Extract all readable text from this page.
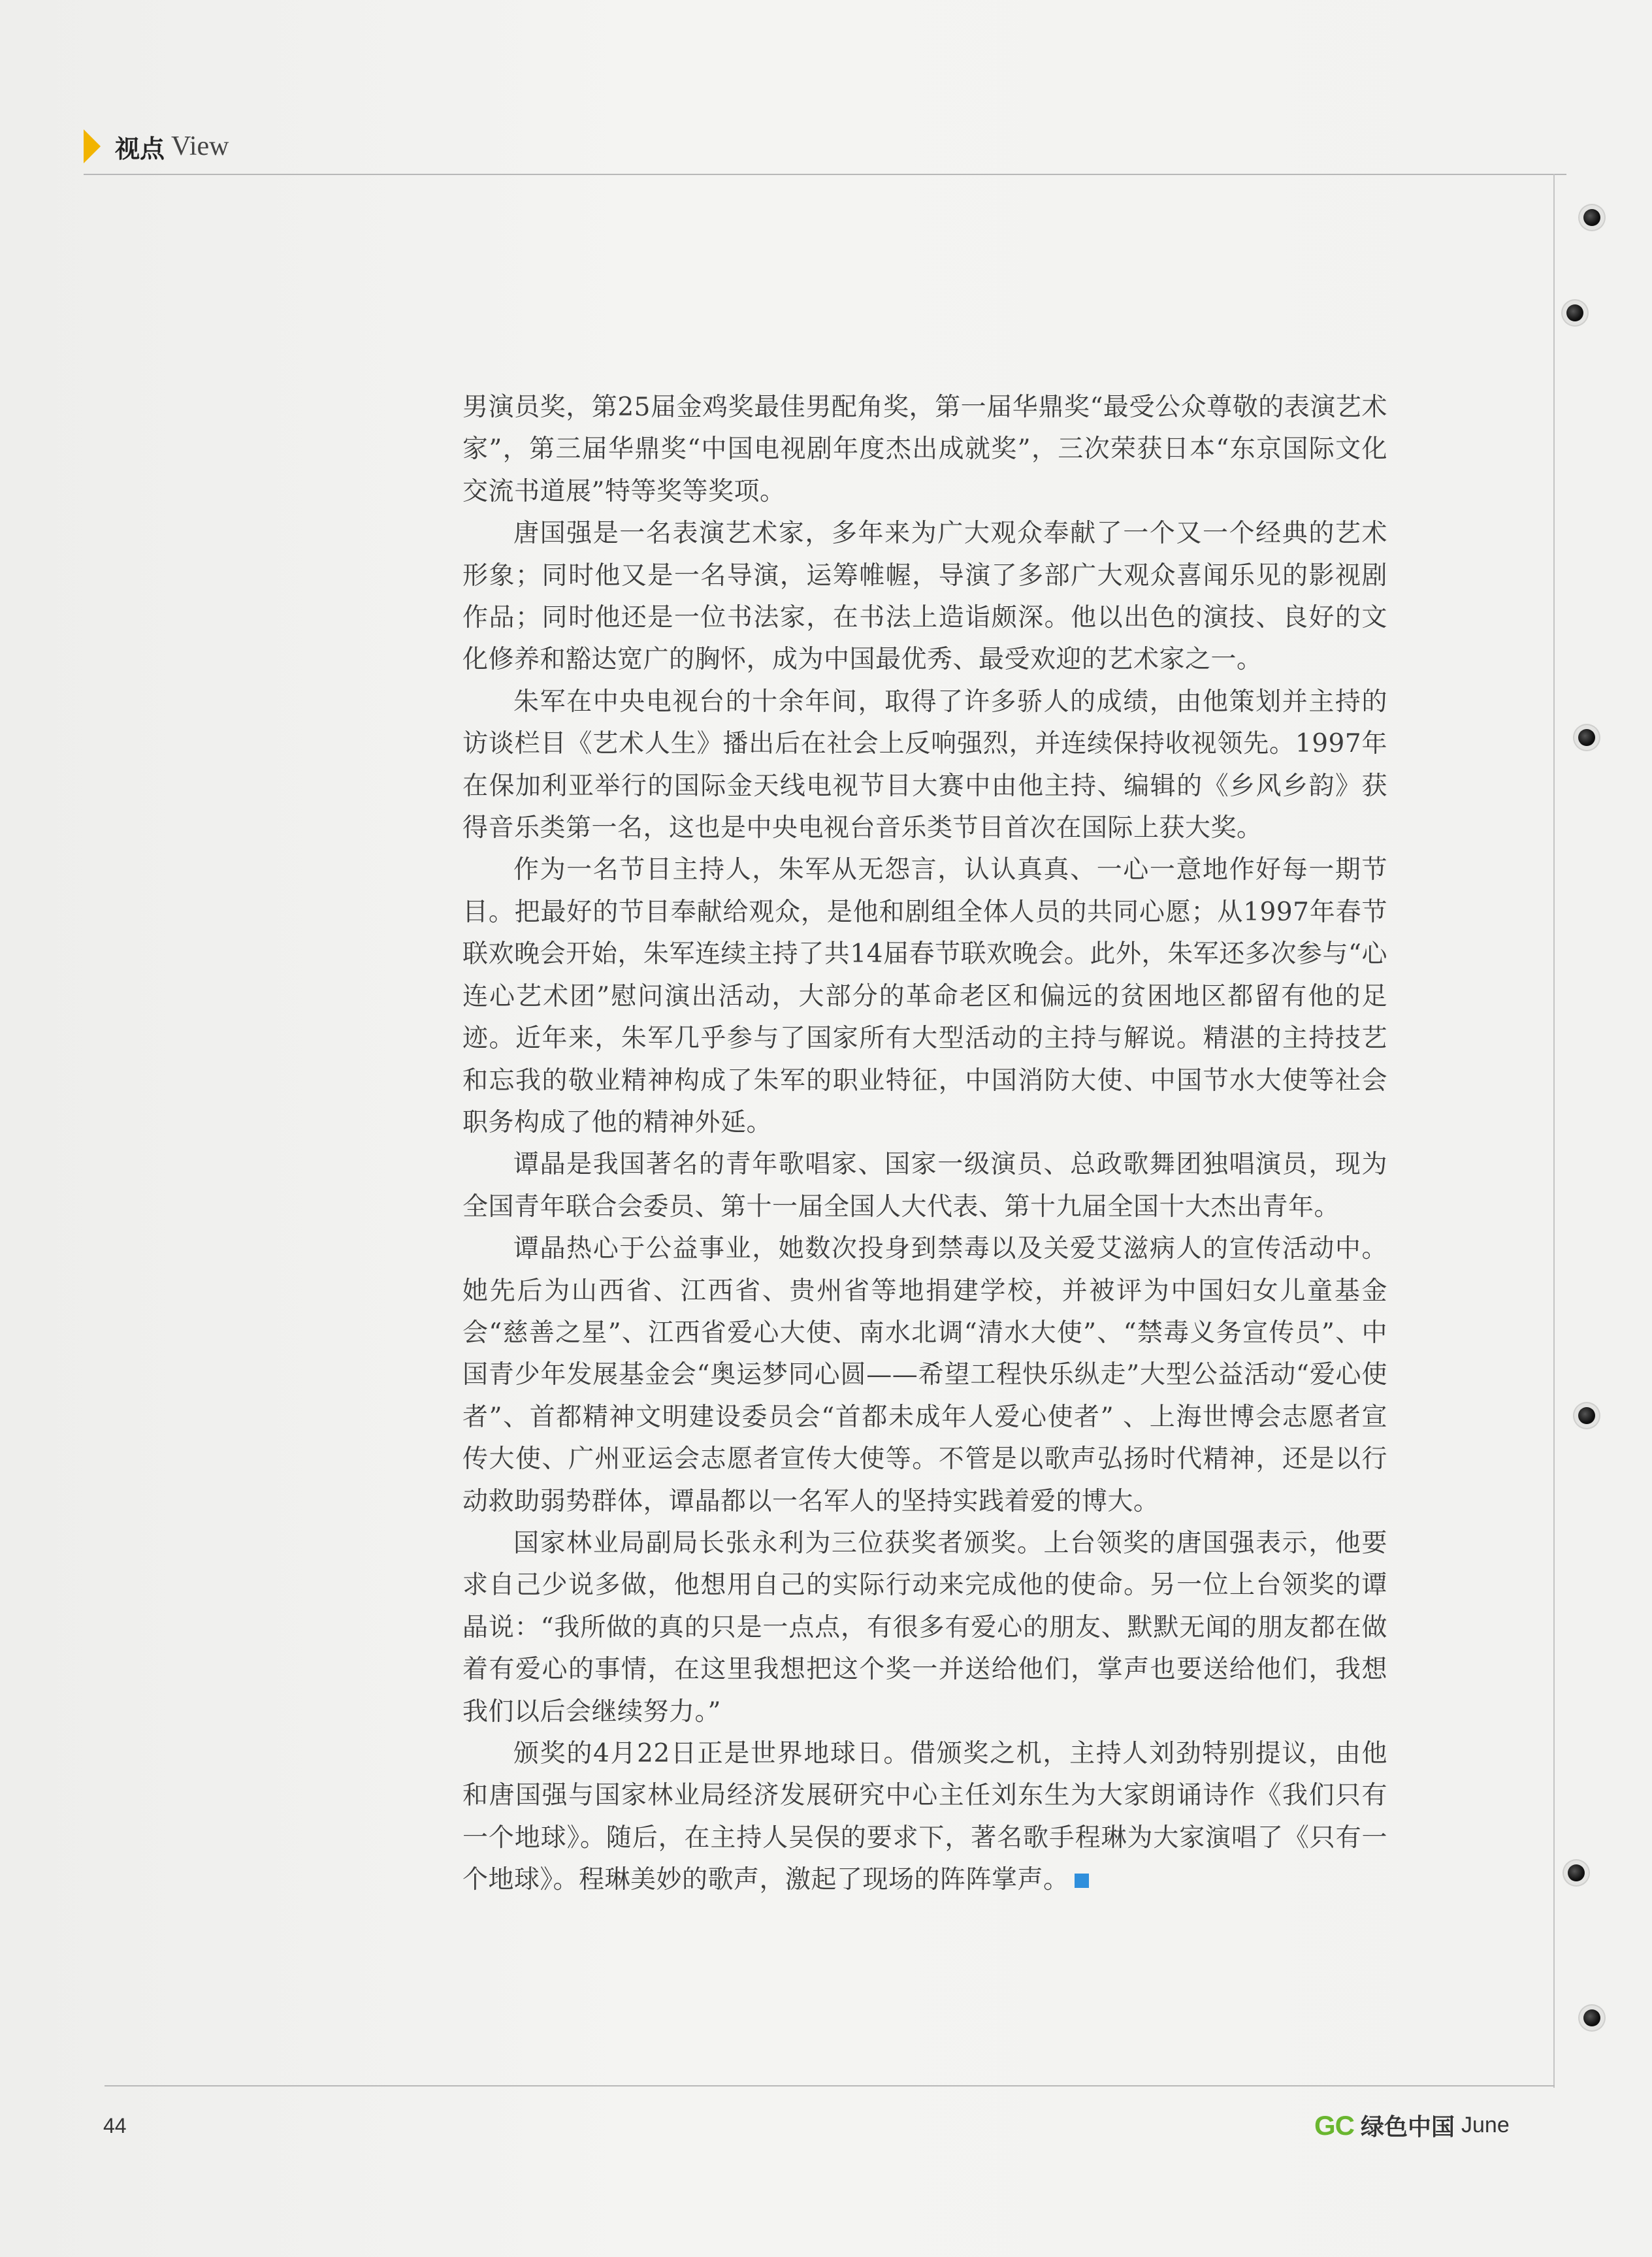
视点 View

男演员奖，第25届金鸡奖最佳男配角奖，第一届华鼎奖“最受公众尊敬的表演艺术家”，第三届华鼎奖“中国电视剧年度杰出成就奖”，三次荣获日本“东京国际文化交流书道展”特等奖等奖项。

唐国强是一名表演艺术家，多年来为广大观众奉献了一个又一个经典的艺术形象；同时他又是一名导演，运筹帷幄，导演了多部广大观众喜闻乐见的影视剧作品；同时他还是一位书法家，在书法上造诣颇深。他以出色的演技、良好的文化修养和豁达宽广的胸怀，成为中国最优秀、最受欢迎的艺术家之一。

朱军在中央电视台的十余年间，取得了许多骄人的成绩，由他策划并主持的访谈栏目《艺术人生》播出后在社会上反响强烈，并连续保持收视领先。1997年在保加利亚举行的国际金天线电视节目大赛中由他主持、编辑的《乡风乡韵》获得音乐类第一名，这也是中央电视台音乐类节目首次在国际上获大奖。

作为一名节目主持人，朱军从无怨言，认认真真、一心一意地作好每一期节目。把最好的节目奉献给观众，是他和剧组全体人员的共同心愿；从1997年春节联欢晚会开始，朱军连续主持了共14届春节联欢晚会。此外，朱军还多次参与“心连心艺术团”慰问演出活动，大部分的革命老区和偏远的贫困地区都留有他的足迹。近年来，朱军几乎参与了国家所有大型活动的主持与解说。精湛的主持技艺和忘我的敬业精神构成了朱军的职业特征，中国消防大使、中国节水大使等社会职务构成了他的精神外延。

谭晶是我国著名的青年歌唱家、国家一级演员、总政歌舞团独唱演员，现为全国青年联合会委员、第十一届全国人大代表、第十九届全国十大杰出青年。

谭晶热心于公益事业，她数次投身到禁毒以及关爱艾滋病人的宣传活动中。她先后为山西省、江西省、贵州省等地捐建学校，并被评为中国妇女儿童基金会“慈善之星”、江西省爱心大使、南水北调“清水大使”、“禁毒义务宣传员”、中国青少年发展基金会“奥运梦同心圆——希望工程快乐纵走”大型公益活动“爱心使者”、首都精神文明建设委员会“首都未成年人爱心使者” 、上海世博会志愿者宣传大使、广州亚运会志愿者宣传大使等。不管是以歌声弘扬时代精神，还是以行动救助弱势群体，谭晶都以一名军人的坚持实践着爱的博大。

国家林业局副局长张永利为三位获奖者颁奖。上台领奖的唐国强表示，他要求自己少说多做，他想用自己的实际行动来完成他的使命。另一位上台领奖的谭晶说：“我所做的真的只是一点点，有很多有爱心的朋友、默默无闻的朋友都在做着有爱心的事情，在这里我想把这个奖一并送给他们，掌声也要送给他们，我想我们以后会继续努力。”

颁奖的4月22日正是世界地球日。借颁奖之机，主持人刘劲特别提议，由他和唐国强与国家林业局经济发展研究中心主任刘东生为大家朗诵诗作《我们只有一个地球》。随后，在主持人吴俣的要求下，著名歌手程琳为大家演唱了《只有一个地球》。程琳美妙的歌声，激起了现场的阵阵掌声。

44	GC 绿色中国 June
